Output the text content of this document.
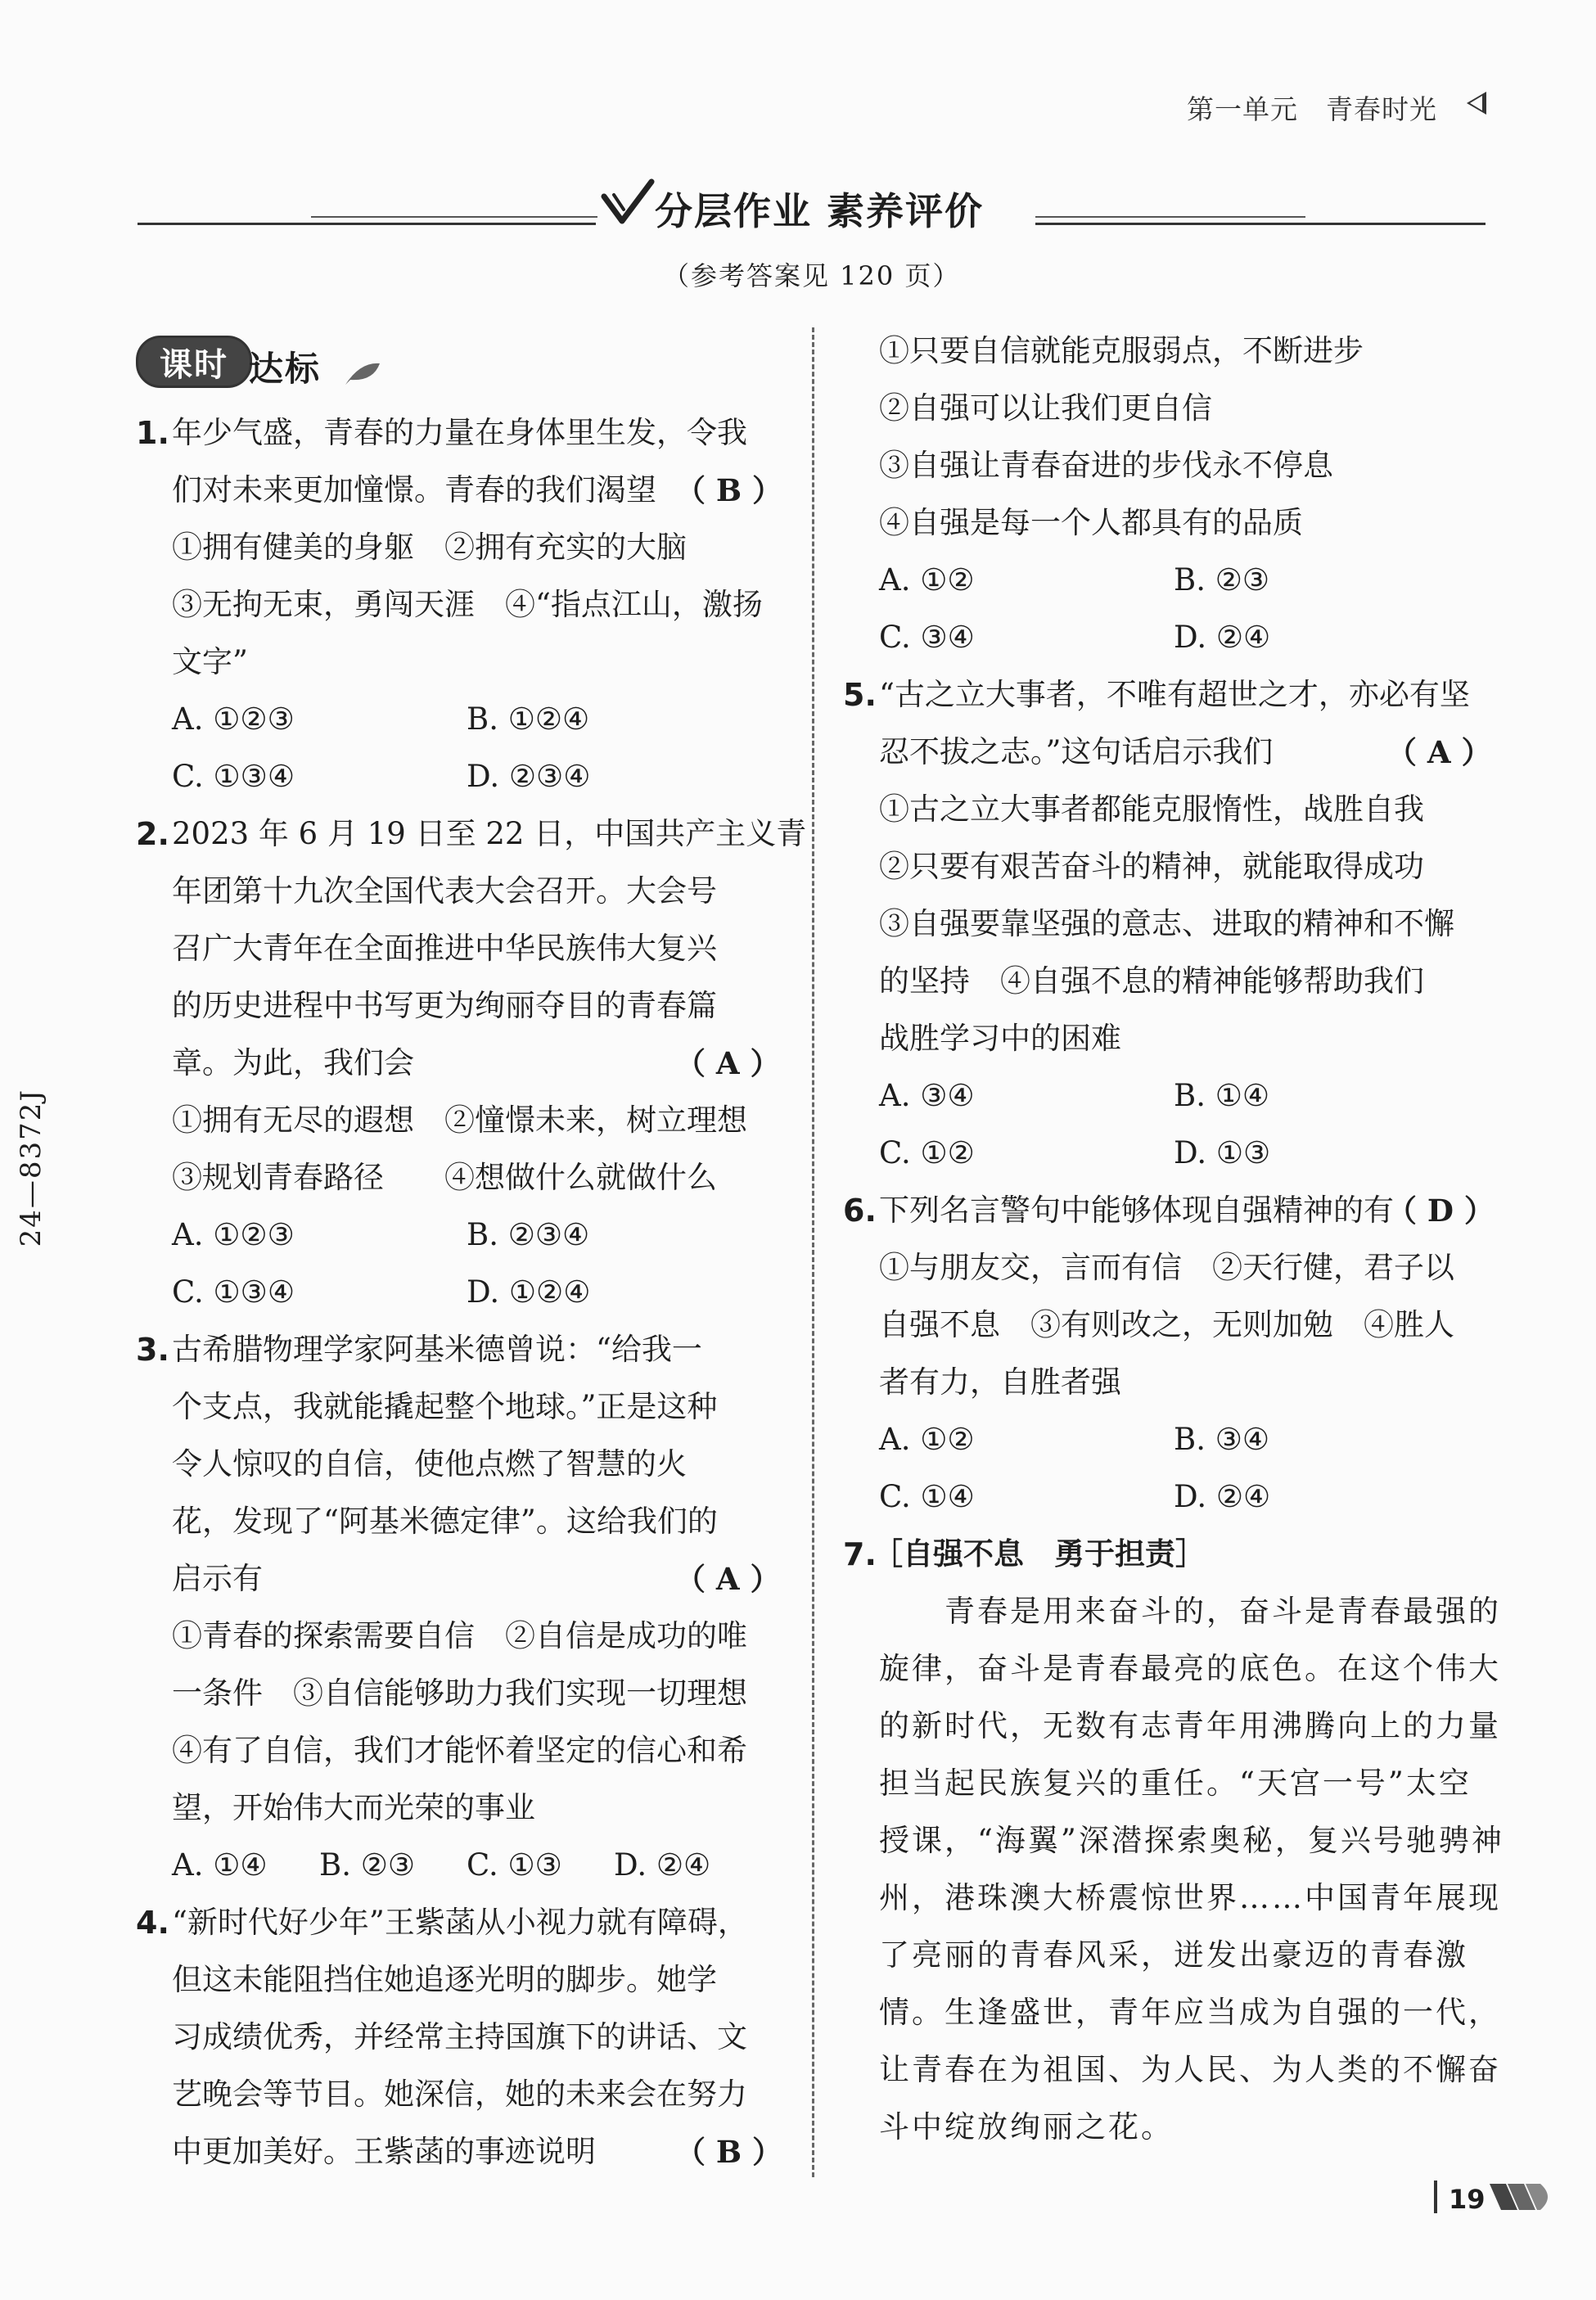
第一单元　青春时光
分层作业 素养评价
（参考答案见 120 页）
课时 达标
24—8372J
1. 年少气盛，青春的力量在身体里生发，令我
们对未来更加憧憬。青春的我们渴望 （ B ）
①拥有健美的身躯　②拥有充实的大脑
③无拘无束，勇闯天涯　④“指点江山，激扬
文字”
A. ①②③	B. ①②④
C. ①③④	D. ②③④
2. 2023 年 6 月 19 日至 22 日，中国共产主义青
年团第十九次全国代表大会召开。大会号
召广大青年在全面推进中华民族伟大复兴
的历史进程中书写更为绚丽夺目的青春篇
章。为此，我们会	（ A ）
①拥有无尽的遐想　②憧憬未来，树立理想
③规划青春路径　　④想做什么就做什么
A. ①②③	B. ②③④
C. ①③④	D. ①②④
3. 古希腊物理学家阿基米德曾说：“给我一
个支点，我就能撬起整个地球。”正是这种
令人惊叹的自信，使他点燃了智慧的火
花，发现了“阿基米德定律”。这给我们的
启示有	（ A ）
①青春的探索需要自信　②自信是成功的唯
一条件　③自信能够助力我们实现一切理想
④有了自信，我们才能怀着坚定的信心和希
望，开始伟大而光荣的事业
A. ①④ B. ②③ C. ①③ D. ②④
4. “新时代好少年”王紫菡从小视力就有障碍，
但这未能阻挡住她追逐光明的脚步。她学
习成绩优秀，并经常主持国旗下的讲话、文
艺晚会等节目。她深信，她的未来会在努力
中更加美好。王紫菡的事迹说明	（ B ）
①只要自信就能克服弱点，不断进步
②自强可以让我们更自信
③自强让青春奋进的步伐永不停息
④自强是每一个人都具有的品质
A. ①②	B. ②③
C. ③④	D. ②④
5. “古之立大事者，不唯有超世之才，亦必有坚
忍不拔之志。”这句话启示我们	（ A ）
①古之立大事者都能克服惰性，战胜自我
②只要有艰苦奋斗的精神，就能取得成功
③自强要靠坚强的意志、进取的精神和不懈
的坚持　④自强不息的精神能够帮助我们
战胜学习中的困难
A. ③④	B. ①④
C. ①②	D. ①③
6. 下列名言警句中能够体现自强精神的有
（ D ）
①与朋友交，言而有信　②天行健，君子以
自强不息　③有则改之，无则加勉　④胜人
者有力，自胜者强
A. ①②	B. ③④
C. ①④	D. ②④
7.
［自强不息　勇于担责］
　　青春是用来奋斗的，奋斗是青春最强的
旋律，奋斗是青春最亮的底色。在这个伟大
的新时代，无数有志青年用沸腾向上的力量
担当起民族复兴的重任。“天宫一号”太空
授课，“海翼”深潜探索奥秘，复兴号驰骋神
州，港珠澳大桥震惊世界……中国青年展现
了亮丽的青春风采，迸发出豪迈的青春激
情。生逢盛世，青年应当成为自强的一代，
让青春在为祖国、为人民、为人类的不懈奋
斗中绽放绚丽之花。
19
